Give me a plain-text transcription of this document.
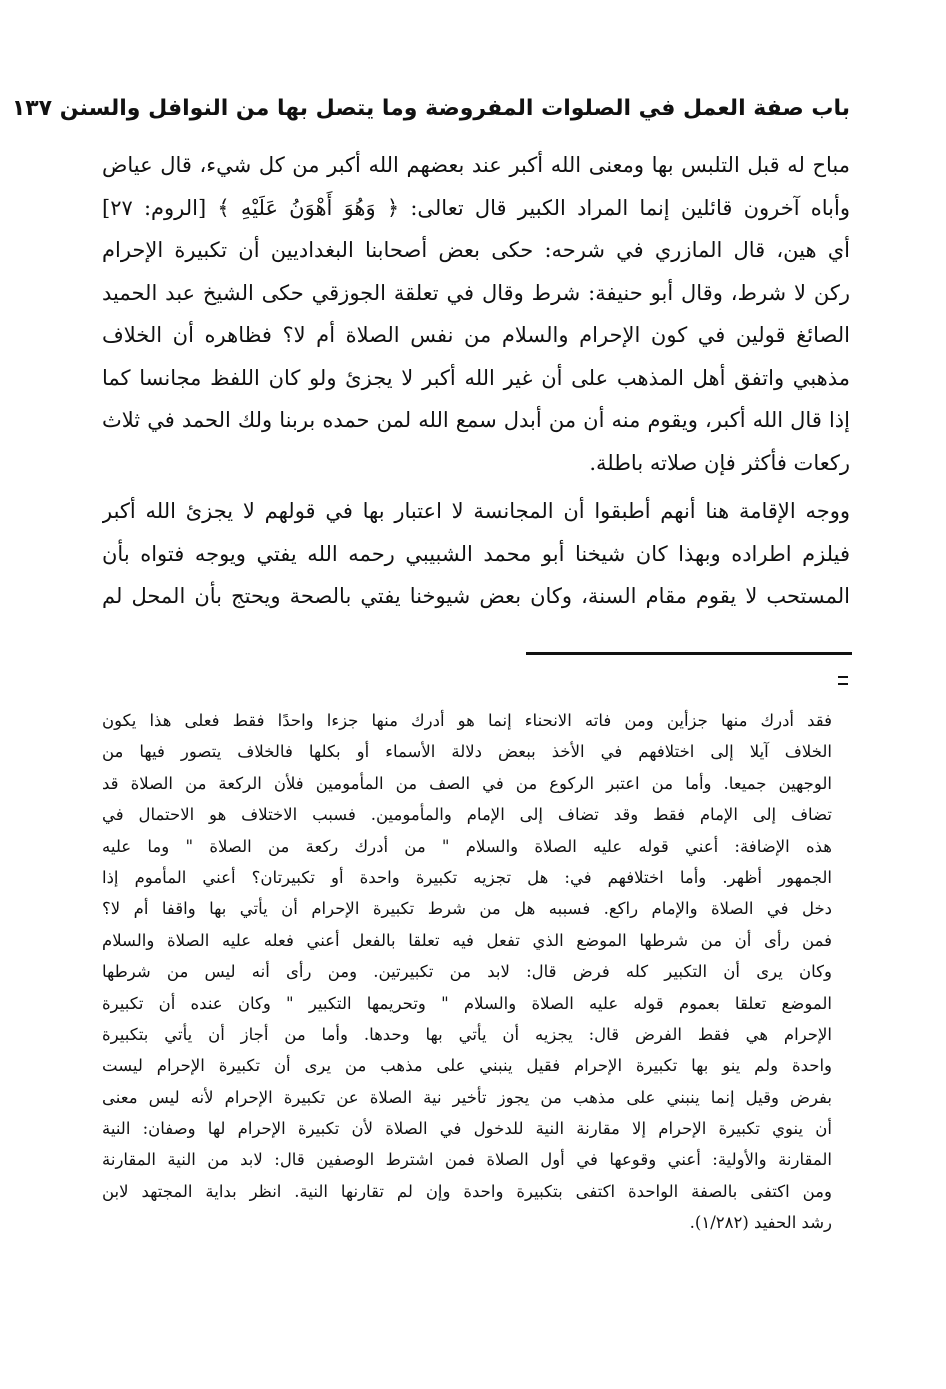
باب صفة العمل في الصلوات المفروضة وما يتصل بها من النوافل والسنن ١٣٧
مباح له قبل التلبس بها ومعنى الله أكبر عند بعضهم الله أكبر من كل شيء، قال عياض
وأباه آخرون قائلين إنما المراد الكبير قال تعالى: ﴿ وَهُوَ أَهْوَنُ عَلَيْهِ ﴾ [الروم: ٢٧]
أي هين، قال المازري في شرحه: حكى بعض أصحابنا البغداديين أن تكبيرة الإحرام
ركن لا شرط، وقال أبو حنيفة: شرط وقال في تعلقة الجوزقي حكى الشيخ عبد الحميد
الصائغ قولين في كون الإحرام والسلام من نفس الصلاة أم لا؟ فظاهره أن الخلاف
مذهبي واتفق أهل المذهب على أن غير الله أكبر لا يجزئ ولو كان اللفظ مجانسا كما
إذا قال الله أكبر، ويقوم منه أن من أبدل سمع الله لمن حمده بربنا ولك الحمد في ثلاث
ركعات فأكثر فإن صلاته باطلة.
ووجه الإقامة هنا أنهم أطبقوا أن المجانسة لا اعتبار بها في قولهم لا يجزئ الله أكبر
فيلزم اطراده وبهذا كان شيخنا أبو محمد الشبيبي رحمه الله يفتي ويوجه فتواه بأن
المستحب لا يقوم مقام السنة، وكان بعض شيوخنا يفتي بالصحة ويحتج بأن المحل لم
فقد أدرك منها جزأين ومن فاته الانحناء إنما هو أدرك منها جزءا واحدًا فقط فعلى هذا يكون
الخلاف آيلا إلى اختلافهم في الأخذ ببعض دلالة الأسماء أو بكلها فالخلاف يتصور فيها من
الوجهين جميعا. وأما من اعتبر الركوع من في الصف من المأمومين فلأن الركعة من الصلاة قد
تضاف إلى الإمام فقط وقد تضاف إلى الإمام والمأمومين. فسبب الاختلاف هو الاحتمال في
هذه الإضافة: أعني قوله عليه الصلاة والسلام " من أدرك ركعة من الصلاة " وما عليه
الجمهور أظهر. وأما اختلافهم في: هل تجزيه تكبيرة واحدة أو تكبيرتان؟ أعني المأموم إذا
دخل في الصلاة والإمام راكع. فسببه هل من شرط تكبيرة الإحرام أن يأتي بها واقفا أم لا؟
فمن رأى أن من شرطها الموضع الذي تفعل فيه تعلقا بالفعل أعني فعله عليه الصلاة والسلام
وكان يرى أن التكبير كله فرض قال: لابد من تكبيرتين. ومن رأى أنه ليس من شرطها
الموضع تعلقا بعموم قوله عليه الصلاة والسلام " وتحريمها التكبير " وكان عنده أن تكبيرة
الإحرام هي فقط الفرض قال: يجزيه أن يأتي بها وحدها. وأما من أجاز أن يأتي بتكبيرة
واحدة ولم ينو بها تكبيرة الإحرام فقيل ينبني على مذهب من يرى أن تكبيرة الإحرام ليست
بفرض وقيل إنما ينبني على مذهب من يجوز تأخير نية الصلاة عن تكبيرة الإحرام لأنه ليس معنى
أن ينوي تكبيرة الإحرام إلا مقارنة النية للدخول في الصلاة لأن تكبيرة الإحرام لها وصفان: النية
المقارنة والأولية: أعني وقوعها في أول الصلاة فمن اشترط الوصفين قال: لابد من النية المقارنة
ومن اكتفى بالصفة الواحدة اكتفى بتكبيرة واحدة وإن لم تقارنها النية. انظر بداية المجتهد لابن
رشد الحفيد (١/٢٨٢).
